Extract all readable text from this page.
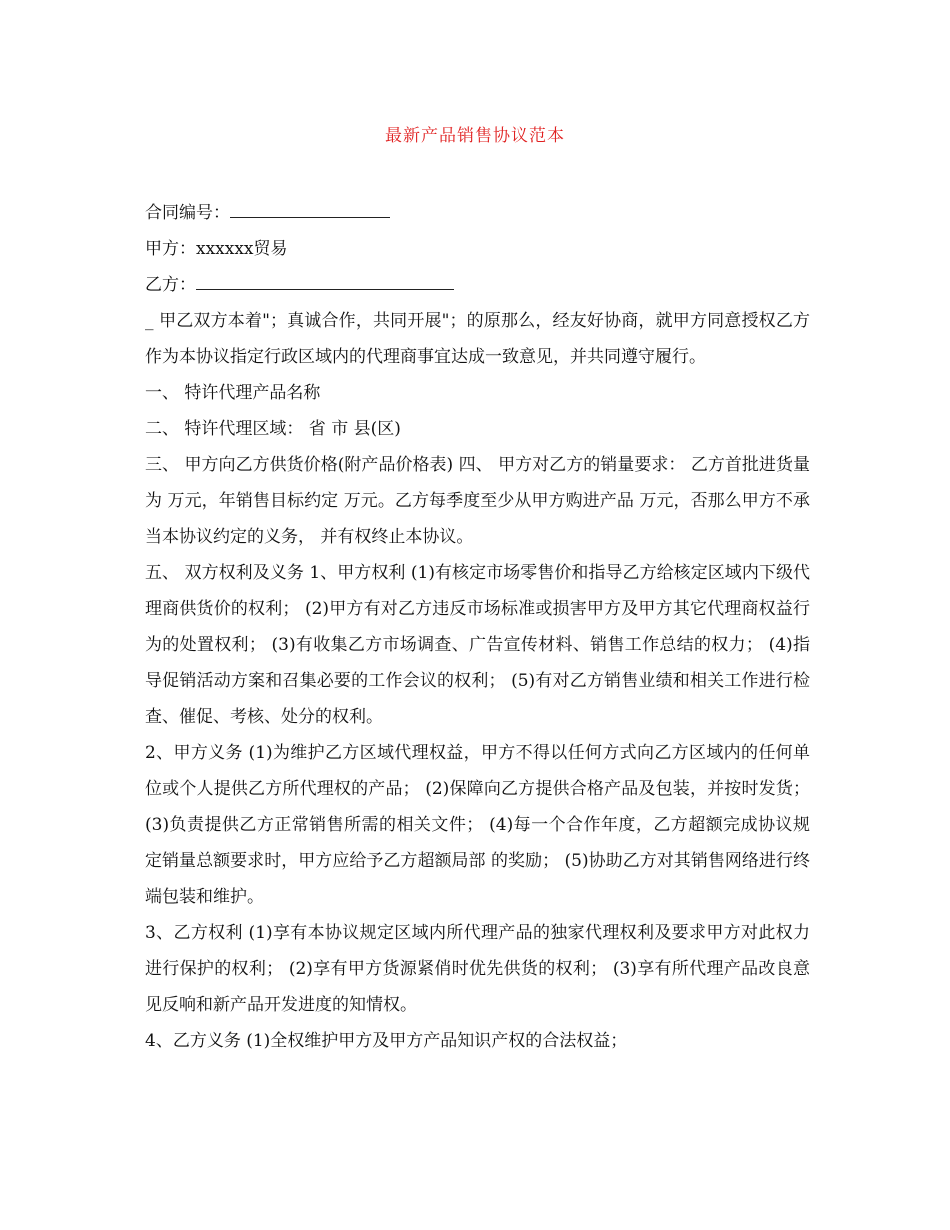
最新产品销售协议范本

合同编号：

甲方：xxxxxx贸易

乙方：

_ 甲乙双方本着"；真诚合作，共同开展"；的原那么，经友好协商，就甲方同意授权乙方作为本协议指定行政区域内的代理商事宜达成一致意见，并共同遵守履行。

一、 特许代理产品名称

二、 特许代理区域： 省 市 县(区)

三、 甲方向乙方供货价格(附产品价格表) 四、 甲方对乙方的销量要求： 乙方首批进货量为 万元，年销售目标约定 万元。乙方每季度至少从甲方购进产品 万元，否那么甲方不承当本协议约定的义务， 并有权终止本协议。

五、 双方权利及义务 1、甲方权利 (1)有核定市场零售价和指导乙方给核定区域内下级代理商供货价的权利； (2)甲方有对乙方违反市场标准或损害甲方及甲方其它代理商权益行为的处置权利； (3)有收集乙方市场调查、广告宣传材料、销售工作总结的权力； (4)指导促销活动方案和召集必要的工作会议的权利； (5)有对乙方销售业绩和相关工作进行检查、催促、考核、处分的权利。

2、甲方义务 (1)为维护乙方区域代理权益，甲方不得以任何方式向乙方区域内的任何单位或个人提供乙方所代理权的产品； (2)保障向乙方提供合格产品及包装，并按时发货； (3)负责提供乙方正常销售所需的相关文件； (4)每一个合作年度，乙方超额完成协议规定销量总额要求时，甲方应给予乙方超额局部 的奖励； (5)协助乙方对其销售网络进行终端包装和维护。

3、乙方权利 (1)享有本协议规定区域内所代理产品的独家代理权利及要求甲方对此权力进行保护的权利； (2)享有甲方货源紧俏时优先供货的权利； (3)享有所代理产品改良意见反响和新产品开发进度的知情权。

4、乙方义务 (1)全权维护甲方及甲方产品知识产权的合法权益；
